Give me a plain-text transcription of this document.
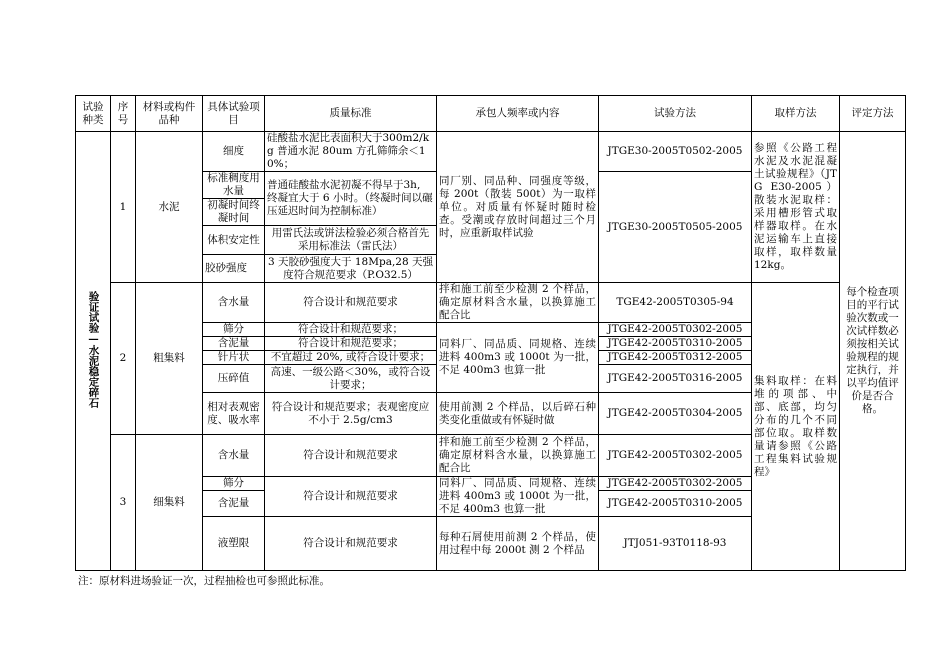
试验种类	序号	材料或构件品种	具体试验项目	质量标准	承包人频率或内容	试验方法	取样方法	评定方法
验证试验—水泥稳定碎石	1	水泥	细度	硅酸盐水泥比表面积大于300m2/kg 普通水泥 80um 方孔筛筛余＜10%；	同厂别、同品种、同强度等级，每 200t（散装 500t）为一取样单位。对质量有怀疑时随时检查。受潮或存放时间超过三个月时，应重新取样试验	JTGE30-2005T0502-2005	参照《公路工程水泥及水泥混凝土试验规程》（JTG E30-2005）散装水泥取样：采用槽形管式取样器取样。在水泥运输车上直接取样，取样数量 12kg。	每个检查项目的平行试验次数或一次试样数必须按相关试验规程的规定执行，并以平均值评价是否合格。
			标准稠度用水量	普通硅酸盐水泥初凝不得早于3h, 终凝宜大于 6 小时。（终凝时间以碾压延迟时间为控制标准）		JTGE30-2005T0505-2005		
			初凝时间终凝时间					
			体积安定性	用雷氏法或饼法检验必须合格首先采用标准法（雷氏法）				
			胶砂强度	3 天胶砂强度大于 18Mpa,28 天强度符合规范要求（P.O32.5）				
	2	粗集料	含水量	符合设计和规范要求	拌和施工前至少检测 2 个样品，确定原材料含水量，以换算施工配合比	TGE42-2005T0305-94	集料取样：在料堆的项部、中部、底部，均匀分布的几个不同部位取。取样数量请参照《公路工程集料试验规程》	
			筛分	符合设计和规范要求；	同料厂、同品质、同规格、连续进料 400m3 或 1000t 为一批，不足 400m3 也算一批	JTGE42-2005T0302-2005		
			含泥量	符合设计和规范要求；		JTGE42-2005T0310-2005		
			针片状	不宜超过 20%, 或符合设计要求；		JTGE42-2005T0312-2005		
			压碎值	高速、一级公路＜30%，或符合设计要求；		JTGE42-2005T0316-2005		
			相对表观密度、吸水率	符合设计和规范要求；表观密度应不小于 2.5g/cm3	使用前测 2 个样品，以后碎石种类变化重做或有怀疑时做	JTGE42-2005T0304-2005		
	3	细集料	含水量	符合设计和规范要求	拌和施工前至少检测 2 个样品，确定原材料含水量，以换算施工配合比	JTGE42-2005T0302-2005		
			筛分	符合设计和规范要求	同料厂、同品质、同规格、连续进料 400m3 或 1000t 为一批，不足 400m3 也算一批	JTGE42-2005T0302-2005		
			含泥量			JTGE42-2005T0310-2005		
			液塑限	符合设计和规范要求	每种石屑使用前测 2 个样品，使用过程中每 2000t 测 2 个样品	JTJ051-93T0118-93		
注：原材料进场验证一次，过程抽检也可参照此标准。
